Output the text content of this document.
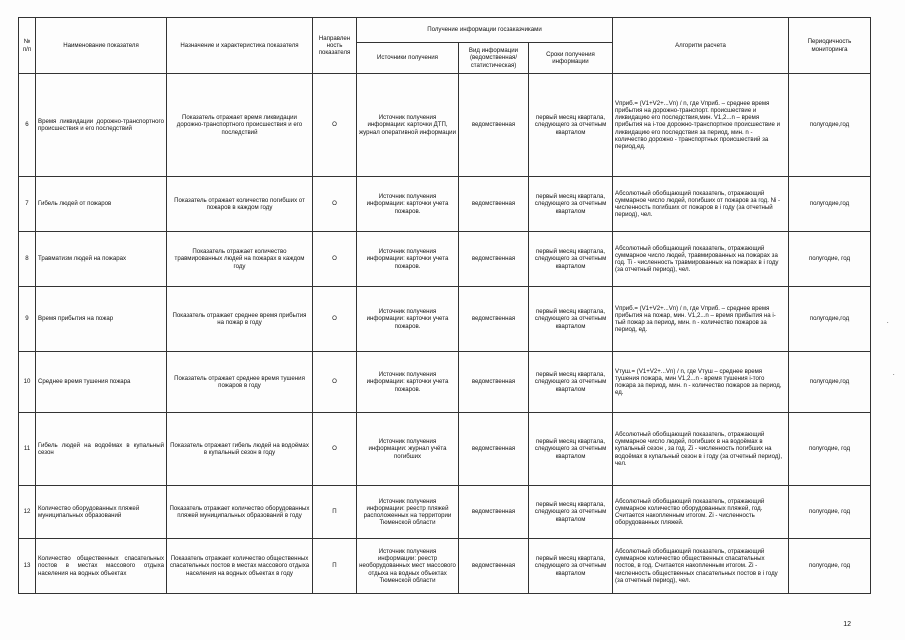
№ п/п	Наименование показателя	Назначение и характеристика показателя	Направлен ность показателя	Получение информации госзаказчиками			Алгоритм расчета	Периодичность мониторинга
				Источники получения	Вид информации (ведомственная/ статистическая)	Сроки получения информации		
6	Время ликвидации дорожно-транспортного происшествия и его последствий	Показатель отражает время ликвидации дорожно-транспортного происшествия и его последствий	О	Источник получения информации: карточки ДТП, журнал оперативной информации	ведомственная	первый месяц квартала, следующего за отчетным кварталом	Vприб.= (V1+V2+...Vn) / n, где Vприб. – среднее время прибытия на дорожно-транспорт. происшествие и ликвидацию его последствия,мин. V1,2...n – время прибытия на i-тое дорожно-транспортное происшествие и ликвидацию его последствия за период, мин. n - количество дорожно - транспортных происшествий за период,ед.	полугодие,год
7	Гибель людей от пожаров	Показатель отражает количество погибших от пожаров в каждом году	О	Источник получения информации: карточки учета пожаров.	ведомственная	первый месяц квартала, следующего за отчетным кварталом	Абсолютный обобщающий показатель, отражающий суммарное число людей, погибших от пожаров за год. Ni - численность погибших от пожаров в i году (за отчетный период), чел.	полугодие,год
8	Травматизм людей на пожарах	Показатель отражает количество травмированных людей на пожарах в каждом году	О	Источник получения информации: карточки учета пожаров.	ведомственная	первый месяц квартала, следующего за отчетным кварталом	Абсолютный обобщающий показатель, отражающий суммарное число людей, травмированных на пожарах за год. Ti - численность травмированных на пожарах в i году (за отчетный период), чел.	полугодие, год
9	Время прибытия на пожар	Показатель отражает среднее время прибытия на пожар в году	О	Источник получения информации: карточки учета пожаров.	ведомственная	первый месяц квартала, следующего за отчетным кварталом	Vприб.= (V1+V2+...Vn) / n, где Vприб. – среднее время прибытия на пожар, мин. V1,2...n – время прибытия на i-тый пожар за период, мин. n - количество пожаров за период, ед.	полугодие,год
10	Среднее время тушения пожара	Показатель отражает среднее время тушения пожаров в году	О	Источник получения информации: карточки учета пожаров.	ведомственная	первый месяц квартала, следующего за отчетным кварталом	Vтуш.= (V1+V2+...Vn) / n, где Vтуш – среднее время тушения пожара, мин V1,2...n - время тушения i-того пожара за период, мин. n - количество пожаров за период, ед.	полугодие,год
11	Гибель людей на водоёмах в купальный сезон	Показатель отражает гибель людей на водоёмах в купальный сезон в году	О	Источник получения информации: журнал учёта погибших	ведомственная	первый месяц квартала, следующего за отчетным кварталом	Абсолютный обобщающий показатель, отражающий суммарное число людей, погибших в на водоёмах в купальный сезон , за год. Zi - численность погибших на водоёмах в купальный сезон в i году (за отчетный период), чел.	полугодие, год
12	Количество оборудованных пляжей муниципальных образований	Показатель отражает количество оборудованных пляжей муниципальных образований в году	П	Источник получения информации: реестр пляжей расположенных на территории Тюменской области	ведомственная	первый месяц квартала, следующего за отчетным кварталом	Абсолютный обобщающий показатель, отражающий суммарное количество оборудованных пляжей, год. Считается накопленным итогом. Zi - численность оборудованных пляжей.	полугодие, год
13	Количество общественных спасательных постов в местах массового отдыха населения на водных объектах	Показатель отражает количество общественных спасательных постов в местах массового отдыха населения на водных объектах в году	П	Источник получения информации: реестр необорудованных мест массового отдыха на водных объектах Тюменской области	ведомственная	первый месяц квартала, следующего за отчетным кварталом	Абсолютный обобщающий показатель, отражающий суммарное количество общественных спасательных постов, в год. Считается накопленным итогом. Zi - численность общественных спасательных постов в i году (за отчетный период), чел.	полугодие, год
·
·
12
